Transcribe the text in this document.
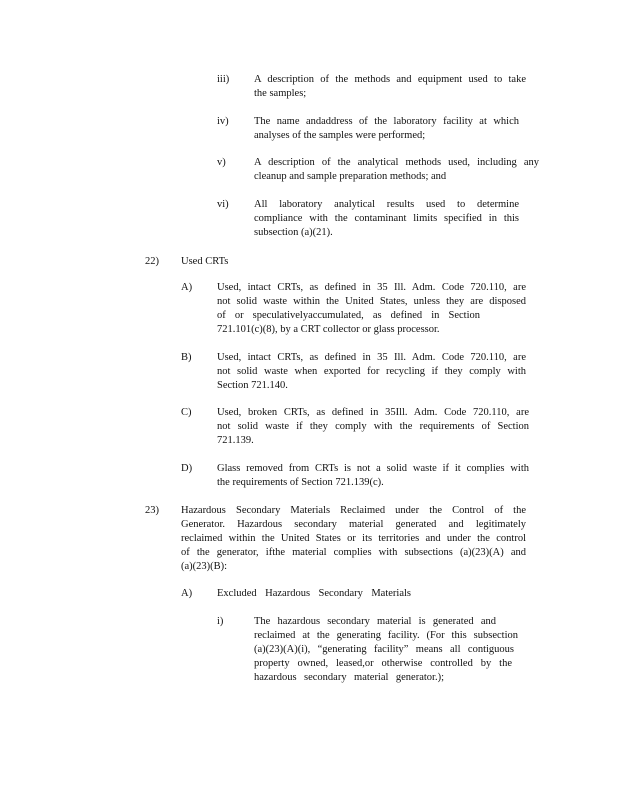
iii) A description of the methods and equipment used to take
the samples;
iv) The name andaddress of the laboratory facility at which
analyses of the samples were performed;
v)	A description of the analytical methods used, including any
cleanup and sample preparation methods; and
vi) All laboratory analytical results used to determine
compliance with the contaminant limits specified in this
subsection (a)(21).
22) Used CRTs
A) Used, intact CRTs, as defined in 35 Ill. Adm. Code 720.110, are
not solid waste within the United States, unless they are disposed
of or speculativelyaccumulated, as defined in Section
721.101(c)(8), by a CRT collector or glass processor.
B) Used, intact CRTs, as defined in 35 Ill. Adm. Code 720.110, are
not solid waste when exported for recycling if they comply with
Section 721.140.
C) Used, broken CRTs, as defined in 35Ill. Adm. Code 720.110, are
not solid waste if they comply with the requirements of Section
721.139.
D) Glass removed from CRTs is not a solid waste if it complies with
the requirements of Section 721.139(c).
23) Hazardous Secondary Materials Reclaimed under the Control of the
Generator. Hazardous secondary material generated and legitimately
reclaimed within the United States or its territories and under the control
of the generator, ifthe material complies with subsections (a)(23)(A) and
(a)(23)(B):
A) Excluded Hazardous Secondary Materials
i)	The hazardous secondary material is generated and
reclaimed at the generating facility. (For this subsection
(a)(23)(A)(i), “generating facility” means all contiguous
property owned, leased,or otherwise controlled by the
hazardous secondary material generator.);
